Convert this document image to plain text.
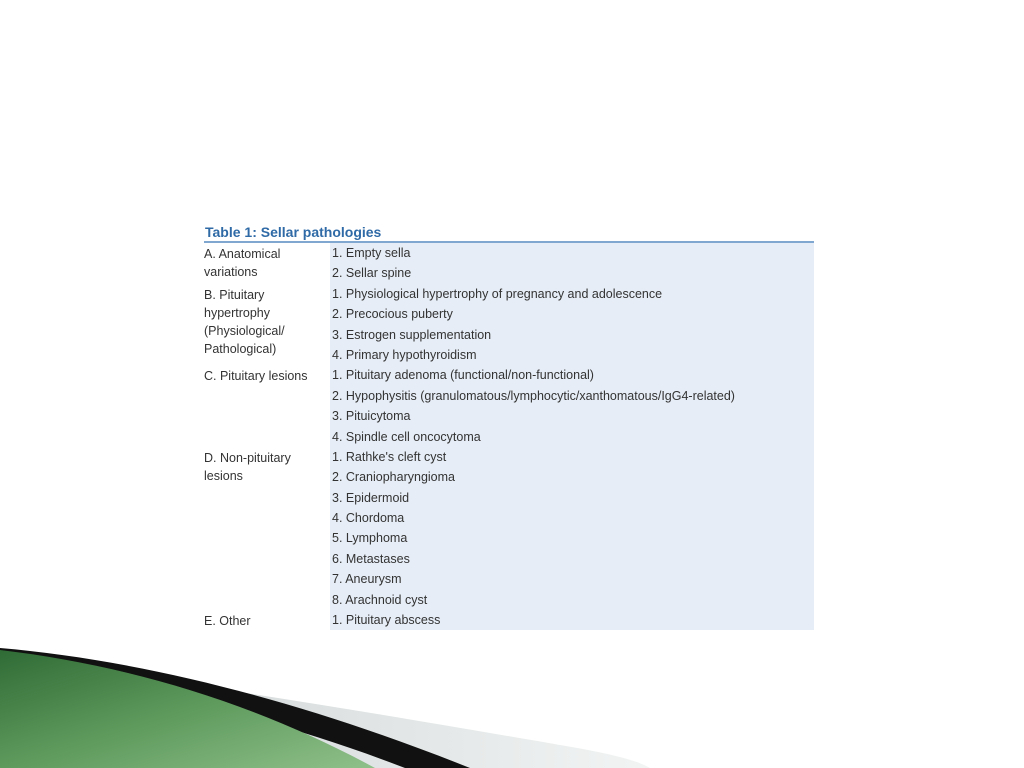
Table 1: Sellar pathologies
A. Anatomical variations
1. Empty sella
2. Sellar spine
B. Pituitary hypertrophy (Physiological/ Pathological)
1. Physiological hypertrophy of pregnancy and adolescence
2. Precocious puberty
3. Estrogen supplementation
4. Primary hypothyroidism
C. Pituitary lesions	1. Pituitary adenoma (functional/non-functional)
2. Hypophysitis (granulomatous/lymphocytic/xanthomatous/IgG4-related)
3. Pituicytoma
4. Spindle cell oncocytoma
D. Non-pituitary lesions
1. Rathke's cleft cyst
2. Craniopharyngioma
3. Epidermoid
4. Chordoma
5. Lymphoma
6. Metastases
7. Aneurysm
8. Arachnoid cyst
E. Other	1. Pituitary abscess
